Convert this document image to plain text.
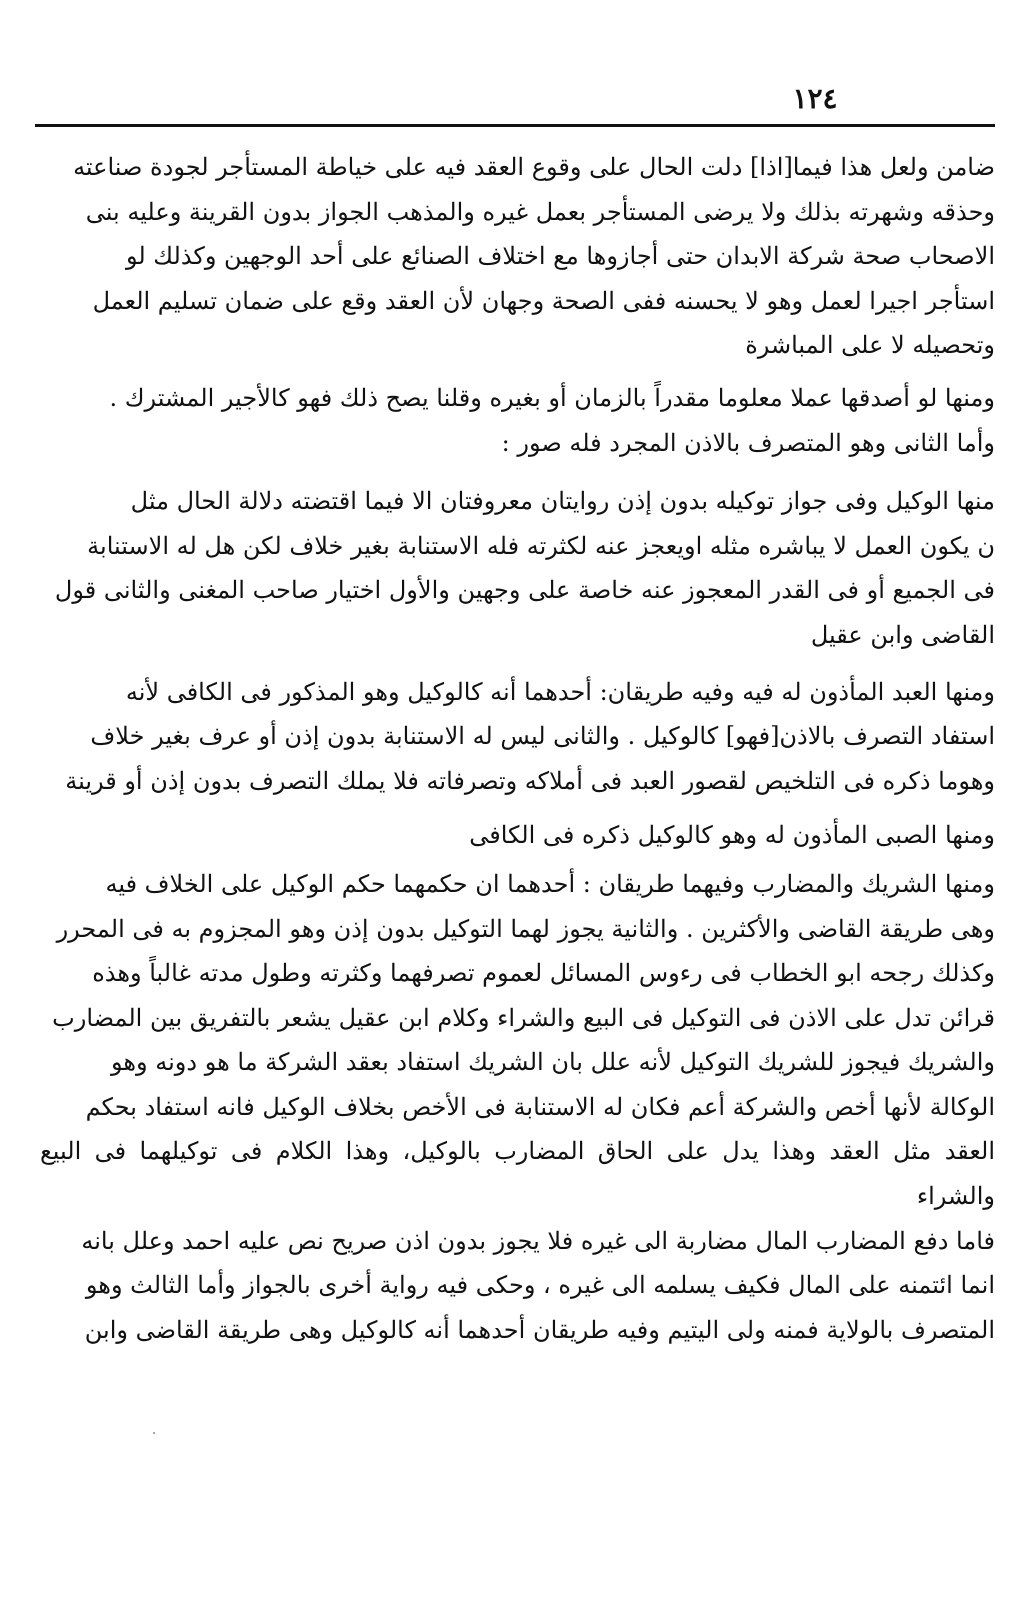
١٢٤
ضامن ولعل هذا فيما[اذا] دلت الحال على وقوع العقد فيه على خياطة المستأجر لجودة صناعته
وحذقه وشهرته بذلك ولا يرضى المستأجر بعمل غيره والمذهب الجواز بدون القرينة وعليه بنى
الاصحاب صحة شركة الابدان حتى أجازوها مع اختلاف الصنائع على أحد الوجهين وكذلك لو
استأجر اجيرا لعمل وهو لا يحسنه ففى الصحة وجهان لأن العقد وقع على ضمان تسليم العمل
وتحصيله لا على المباشرة
ومنها لو أصدقها عملا معلوما مقدراً بالزمان أو بغيره وقلنا يصح ذلك فهو كالأجير المشترك .
وأما الثانى وهو المتصرف بالاذن المجرد فله صور :
منها الوكيل وفى جواز توكيله بدون إذن روايتان معروفتان الا فيما اقتضته دلالة الحال مثل
ن يكون العمل لا يباشره مثله اويعجز عنه لكثرته فله الاستنابة بغير خلاف لكن هل له الاستنابة
فى الجميع أو فى القدر المعجوز عنه خاصة على وجهين والأول اختيار صاحب المغنى والثانى قول
القاضى وابن عقيل
ومنها العبد المأذون له فيه وفيه طريقان: أحدهما أنه كالوكيل وهو المذكور فى الكافى لأنه
استفاد التصرف بالاذن[فهو] كالوكيل . والثانى ليس له الاستنابة بدون إذن أو عرف بغير خلاف
وهوما ذكره فى التلخيص لقصور العبد فى أملاكه وتصرفاته فلا يملك التصرف بدون إذن أو قرينة
ومنها الصبى المأذون له وهو كالوكيل ذكره فى الكافى
ومنها الشريك والمضارب وفيهما طريقان : أحدهما ان حكمهما حكم الوكيل على الخلاف فيه
وهى طريقة القاضى والأكثرين . والثانية يجوز لهما التوكيل بدون إذن وهو المجزوم به فى المحرر
وكذلك رجحه ابو الخطاب فى رءوس المسائل لعموم تصرفهما وكثرته وطول مدته غالباً وهذه
قرائن تدل على الاذن فى التوكيل فى البيع والشراء وكلام ابن عقيل يشعر بالتفريق بين المضارب
والشريك فيجوز للشريك التوكيل لأنه علل بان الشريك استفاد بعقد الشركة ما هو دونه وهو
الوكالة لأنها أخص والشركة أعم فكان له الاستنابة فى الأخص بخلاف الوكيل فانه استفاد بحكم
العقد مثل العقد وهذا يدل على الحاق المضارب بالوكيل، وهذا الكلام فى توكيلهما فى البيع والشراء
فاما دفع المضارب المال مضاربة الى غيره فلا يجوز بدون اذن صريح نص عليه احمد وعلل بانه
انما ائتمنه على المال فكيف يسلمه الى غيره ، وحكى فيه رواية أخرى بالجواز وأما الثالث وهو
المتصرف بالولاية فمنه ولى اليتيم وفيه طريقان أحدهما أنه كالوكيل وهى طريقة القاضى وابن
